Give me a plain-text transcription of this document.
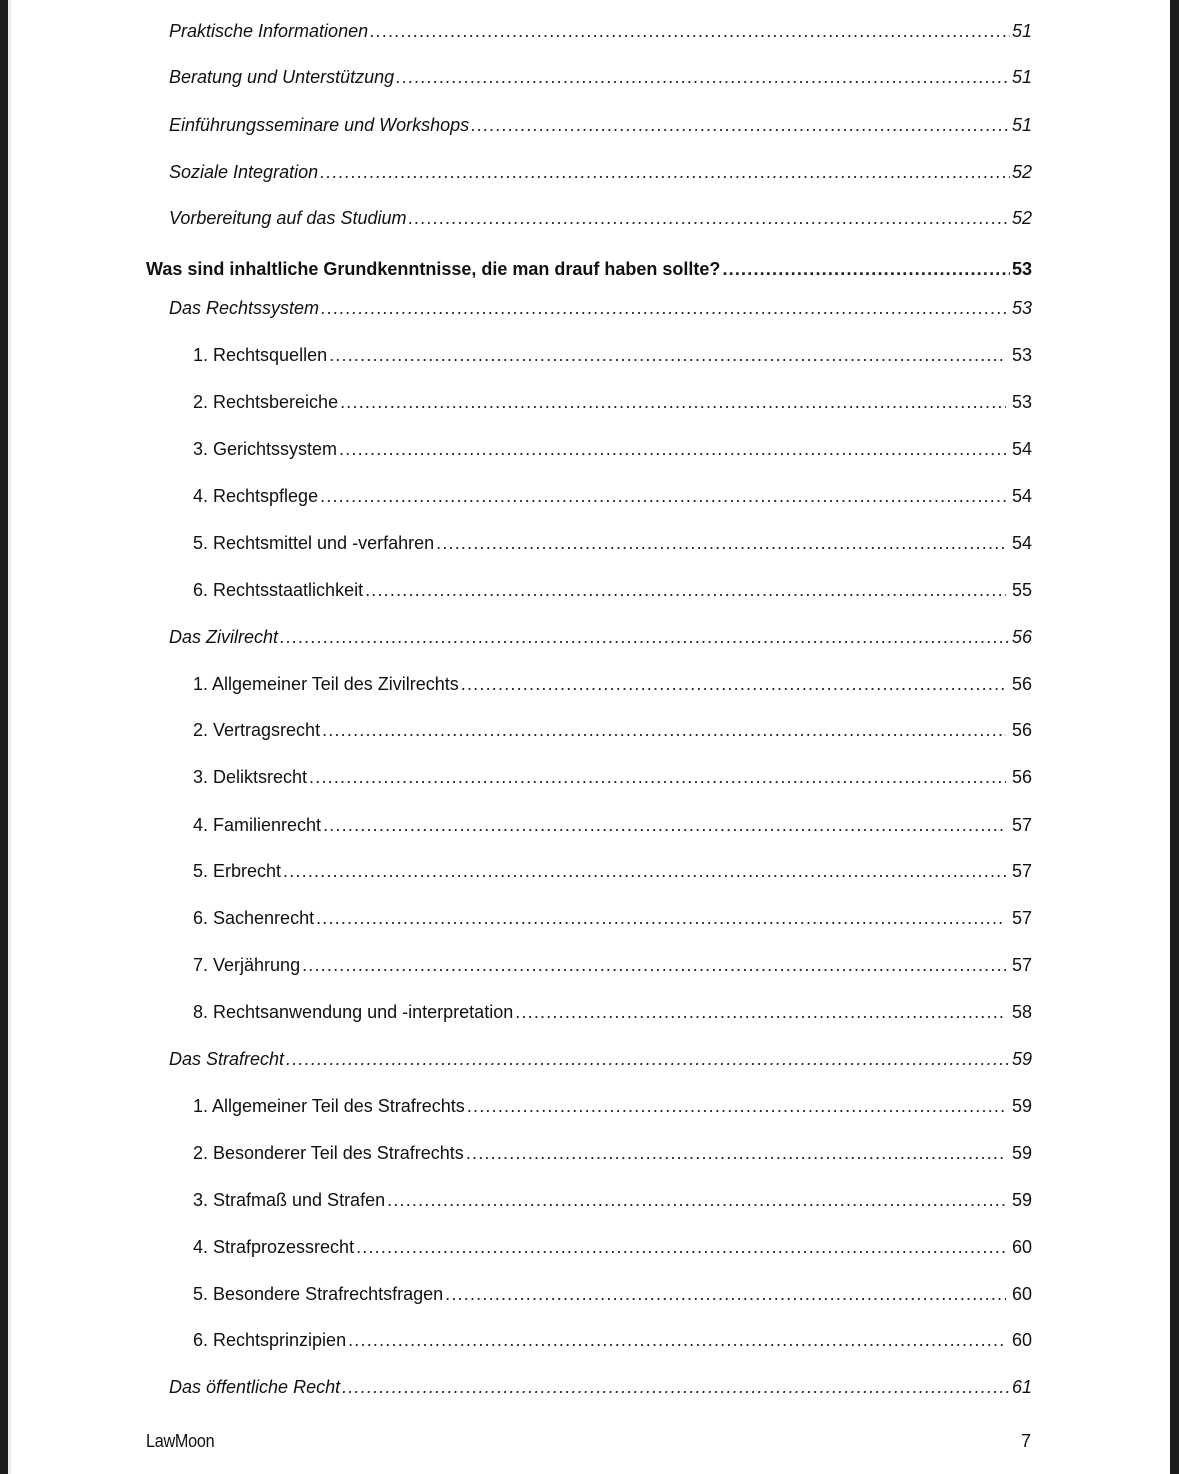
Praktische Informationen .....	51
Beratung und Unterstützung .....	51
Einführungsseminare und Workshops .....	51
Soziale Integration .....	52
Vorbereitung auf das Studium .....	52
Was sind inhaltliche Grundkenntnisse, die man drauf haben sollte? .....	53
Das Rechtssystem .....	53
1. Rechtsquellen .....	53
2. Rechtsbereiche .....	53
3. Gerichtssystem .....	54
4. Rechtspflege .....	54
5. Rechtsmittel und -verfahren .....	54
6. Rechtsstaatlichkeit .....	55
Das Zivilrecht .....	56
1. Allgemeiner Teil des Zivilrechts .....	56
2. Vertragsrecht .....	56
3. Deliktsrecht .....	56
4. Familienrecht .....	57
5. Erbrecht .....	57
6. Sachenrecht .....	57
7. Verjährung .....	57
8. Rechtsanwendung und -interpretation .....	58
Das Strafrecht .....	59
1. Allgemeiner Teil des Strafrechts .....	59
2. Besonderer Teil des Strafrechts .....	59
3. Strafmaß und Strafen .....	59
4. Strafprozessrecht .....	60
5. Besondere Strafrechtsfragen .....	60
6. Rechtsprinzipien .....	60
Das öffentliche Recht .....	61
LawMoon	7
